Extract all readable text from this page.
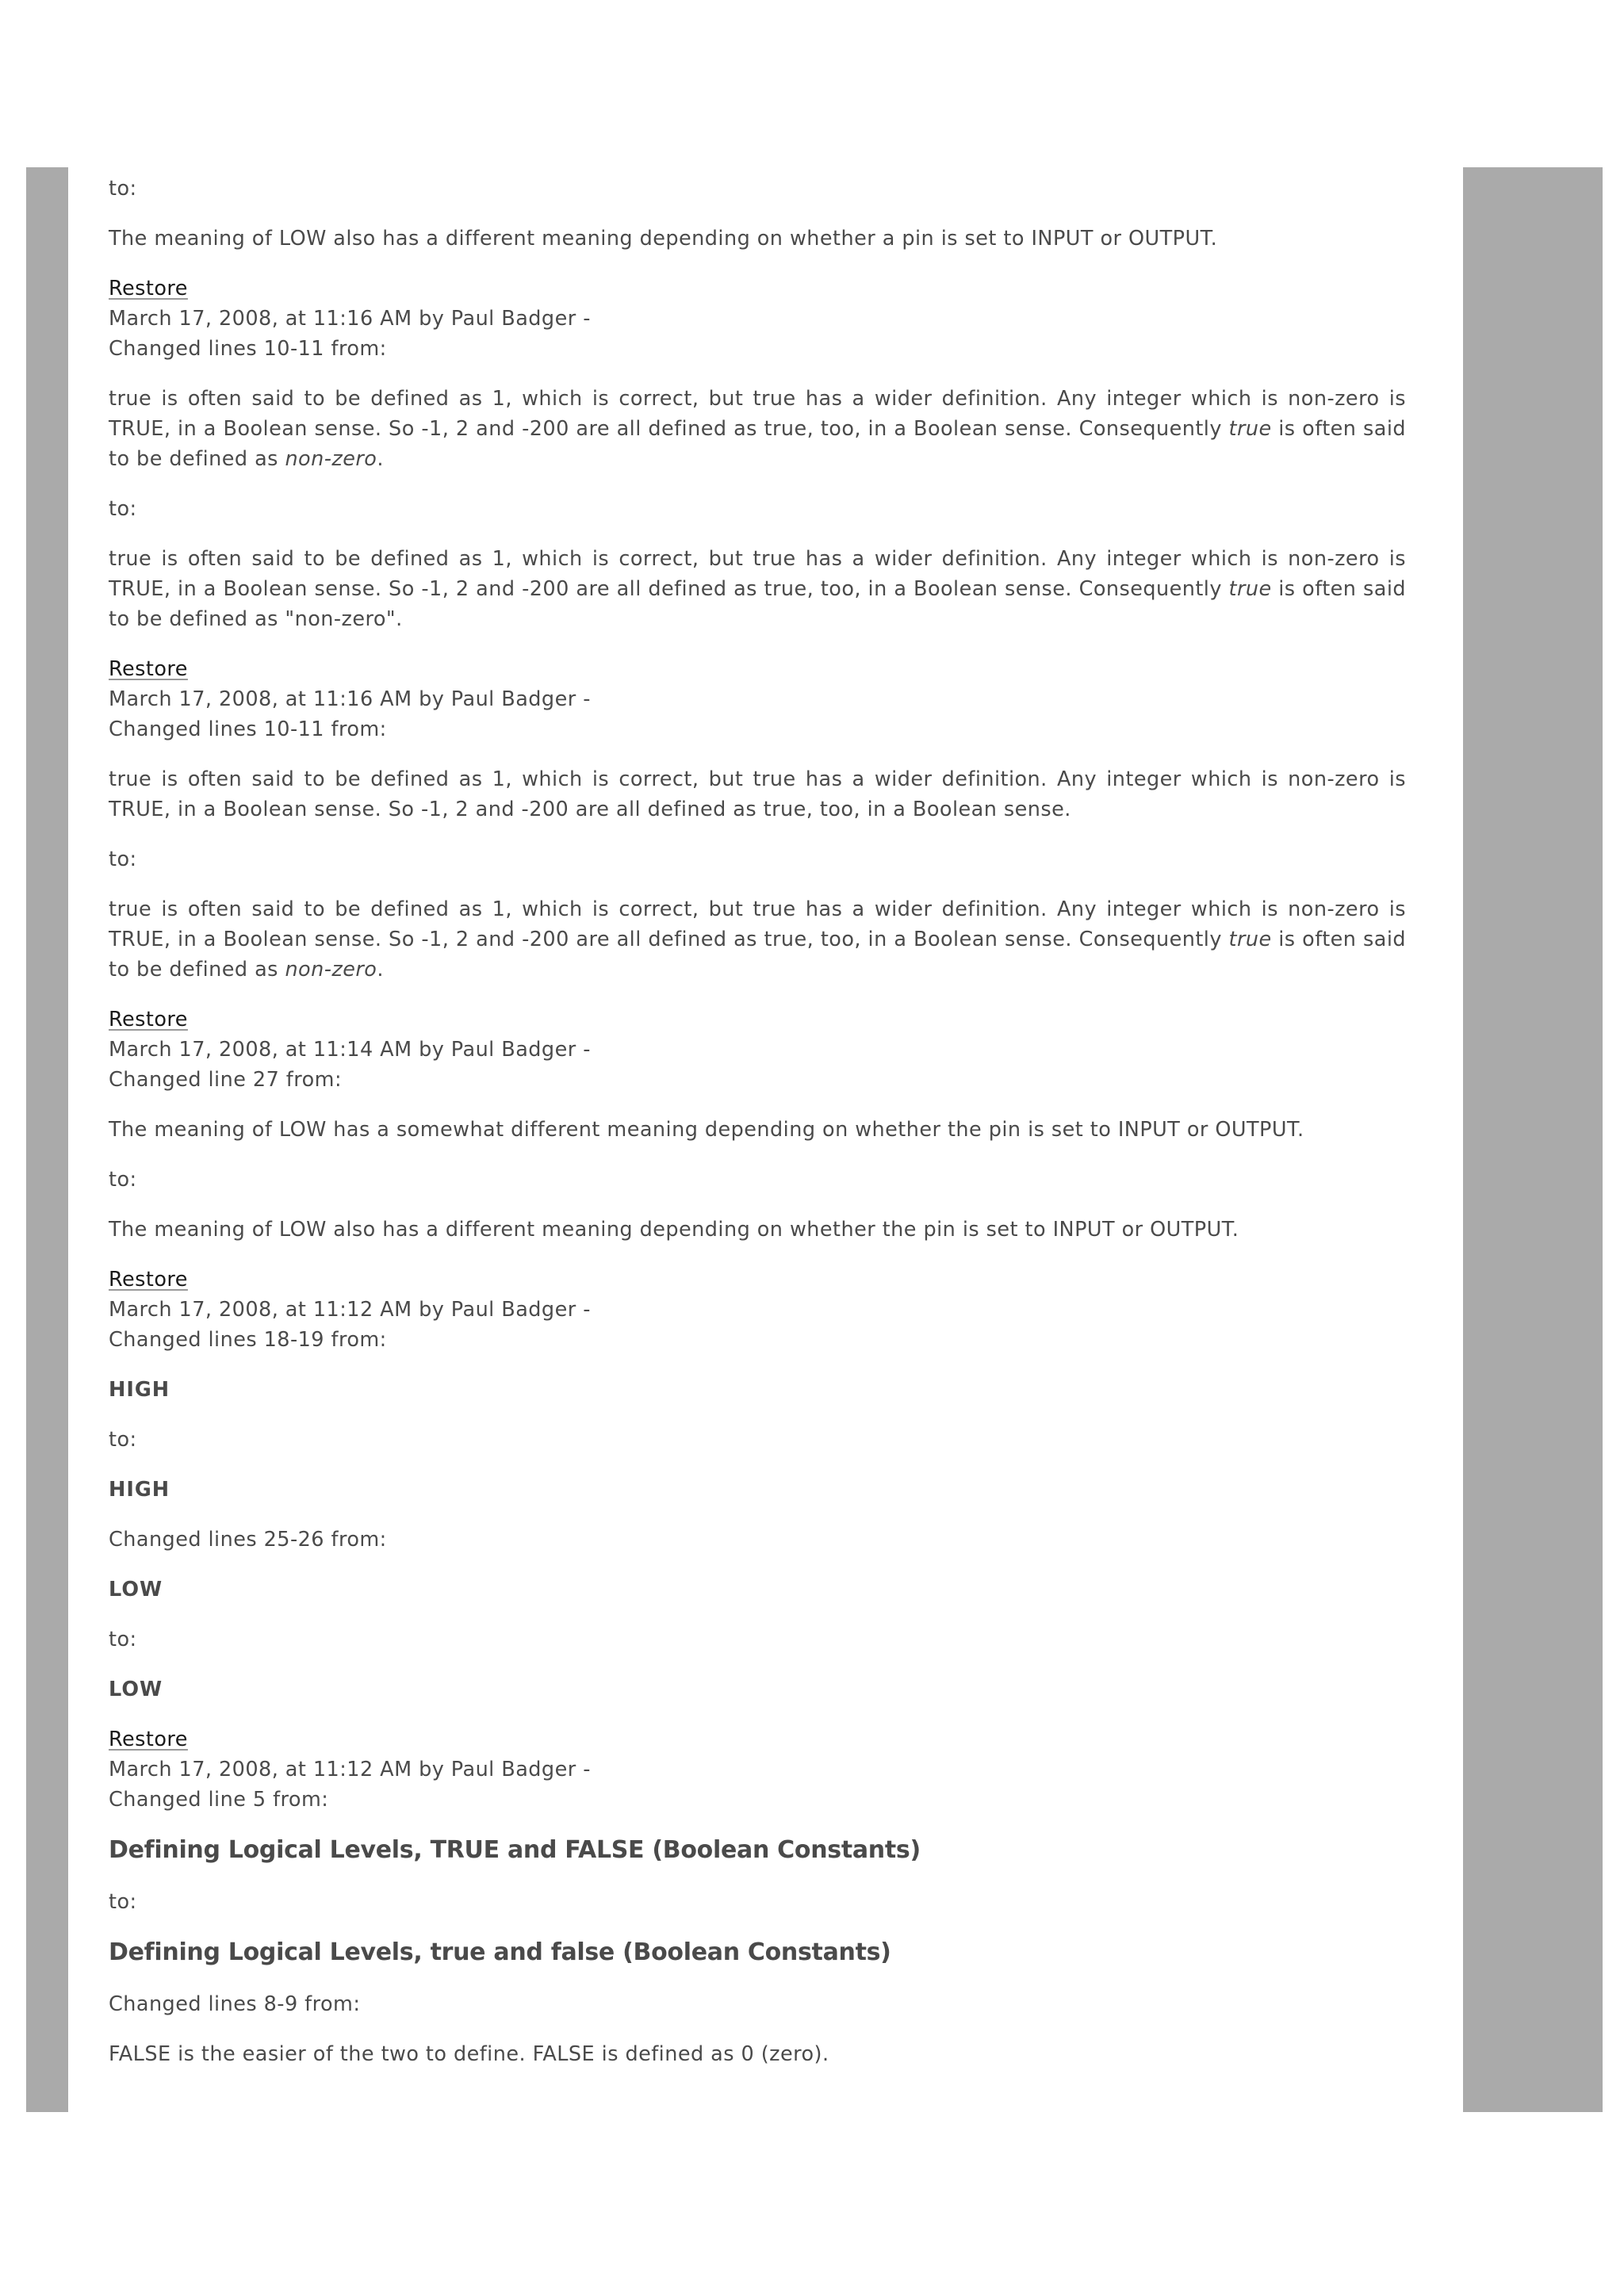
to:

The meaning of LOW also has a different meaning depending on whether a pin is set to INPUT or OUTPUT.

Restore
March 17, 2008, at 11:16 AM by Paul Badger -
Changed lines 10-11 from:

true is often said to be defined as 1, which is correct, but true has a wider definition. Any integer which is non-zero is TRUE, in a Boolean sense. So -1, 2 and -200 are all defined as true, too, in a Boolean sense. Consequently true is often said to be defined as non-zero.

to:

true is often said to be defined as 1, which is correct, but true has a wider definition. Any integer which is non-zero is TRUE, in a Boolean sense. So -1, 2 and -200 are all defined as true, too, in a Boolean sense. Consequently true is often said to be defined as "non-zero".

Restore
March 17, 2008, at 11:16 AM by Paul Badger -
Changed lines 10-11 from:

true is often said to be defined as 1, which is correct, but true has a wider definition. Any integer which is non-zero is TRUE, in a Boolean sense. So -1, 2 and -200 are all defined as true, too, in a Boolean sense.

to:

true is often said to be defined as 1, which is correct, but true has a wider definition. Any integer which is non-zero is TRUE, in a Boolean sense. So -1, 2 and -200 are all defined as true, too, in a Boolean sense. Consequently true is often said to be defined as non-zero.

Restore
March 17, 2008, at 11:14 AM by Paul Badger -
Changed line 27 from:

The meaning of LOW has a somewhat different meaning depending on whether the pin is set to INPUT or OUTPUT.

to:

The meaning of LOW also has a different meaning depending on whether the pin is set to INPUT or OUTPUT.

Restore
March 17, 2008, at 11:12 AM by Paul Badger -
Changed lines 18-19 from:

HIGH

to:

HIGH

Changed lines 25-26 from:

LOW

to:

LOW

Restore
March 17, 2008, at 11:12 AM by Paul Badger -
Changed line 5 from:
Defining Logical Levels, TRUE and FALSE (Boolean Constants)

to:

Defining Logical Levels, true and false (Boolean Constants)

Changed lines 8-9 from:

FALSE is the easier of the two to define. FALSE is defined as 0 (zero).
